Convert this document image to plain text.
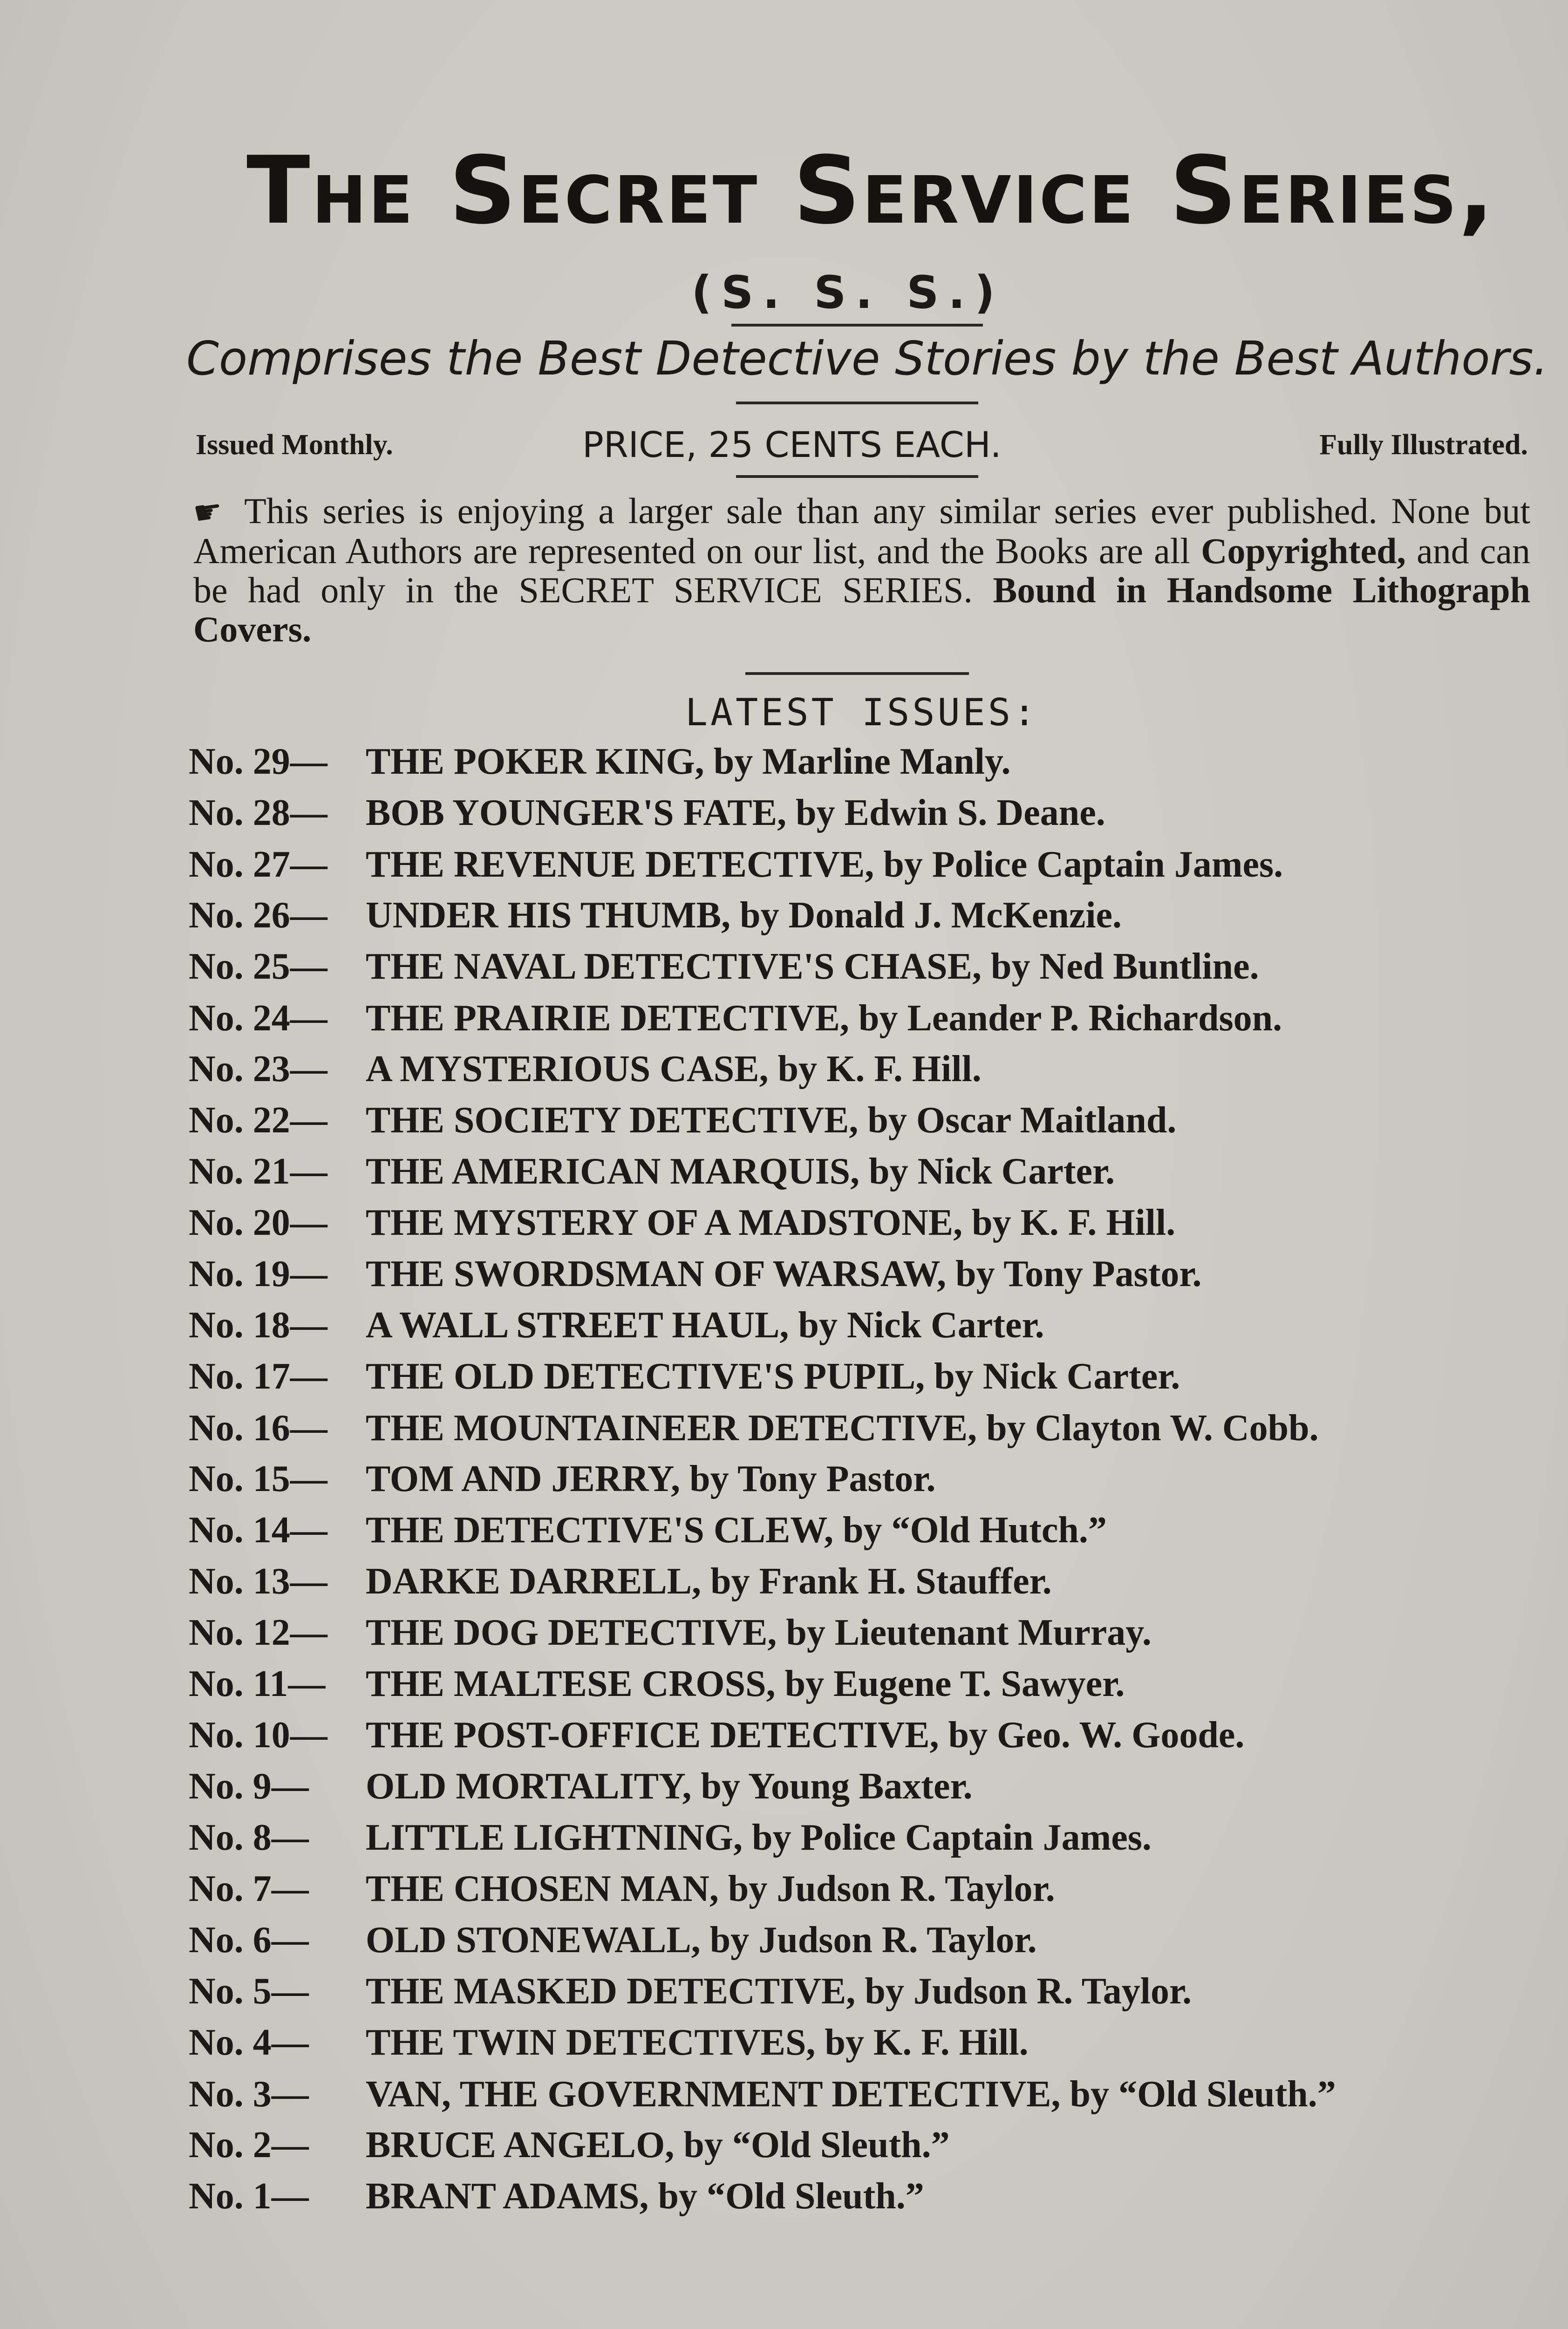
The Secret Service Series,
(S. S. S.)
Comprises the Best Detective Stories by the Best Authors.
Issued Monthly.	PRICE, 25 CENTS EACH.	Fully Illustrated.
☛ This series is enjoying a larger sale than any similar series ever published. None but American Authors are represented on our list, and the Books are all Copyrighted, and can be had only in the SECRET SERVICE SERIES. Bound in Handsome Lithograph Covers.
LATEST ISSUES:
No. 29— THE POKER KING, by Marline Manly.
No. 28— BOB YOUNGER'S FATE, by Edwin S. Deane.
No. 27— THE REVENUE DETECTIVE, by Police Captain James.
No. 26— UNDER HIS THUMB, by Donald J. McKenzie.
No. 25— THE NAVAL DETECTIVE'S CHASE, by Ned Buntline.
No. 24— THE PRAIRIE DETECTIVE, by Leander P. Richardson.
No. 23— A MYSTERIOUS CASE, by K. F. Hill.
No. 22— THE SOCIETY DETECTIVE, by Oscar Maitland.
No. 21— THE AMERICAN MARQUIS, by Nick Carter.
No. 20— THE MYSTERY OF A MADSTONE, by K. F. Hill.
No. 19— THE SWORDSMAN OF WARSAW, by Tony Pastor.
No. 18— A WALL STREET HAUL, by Nick Carter.
No. 17— THE OLD DETECTIVE'S PUPIL, by Nick Carter.
No. 16— THE MOUNTAINEER DETECTIVE, by Clayton W. Cobb.
No. 15— TOM AND JERRY, by Tony Pastor.
No. 14— THE DETECTIVE'S CLEW, by “Old Hutch.”
No. 13— DARKE DARRELL, by Frank H. Stauffer.
No. 12— THE DOG DETECTIVE, by Lieutenant Murray.
No. 11— THE MALTESE CROSS, by Eugene T. Sawyer.
No. 10— THE POST-OFFICE DETECTIVE, by Geo. W. Goode.
No. 9— OLD MORTALITY, by Young Baxter.
No. 8— LITTLE LIGHTNING, by Police Captain James.
No. 7— THE CHOSEN MAN, by Judson R. Taylor.
No. 6— OLD STONEWALL, by Judson R. Taylor.
No. 5— THE MASKED DETECTIVE, by Judson R. Taylor.
No. 4— THE TWIN DETECTIVES, by K. F. Hill.
No. 3— VAN, THE GOVERNMENT DETECTIVE, by “Old Sleuth.”
No. 2— BRUCE ANGELO, by “Old Sleuth.”
No. 1— BRANT ADAMS, by “Old Sleuth.”
